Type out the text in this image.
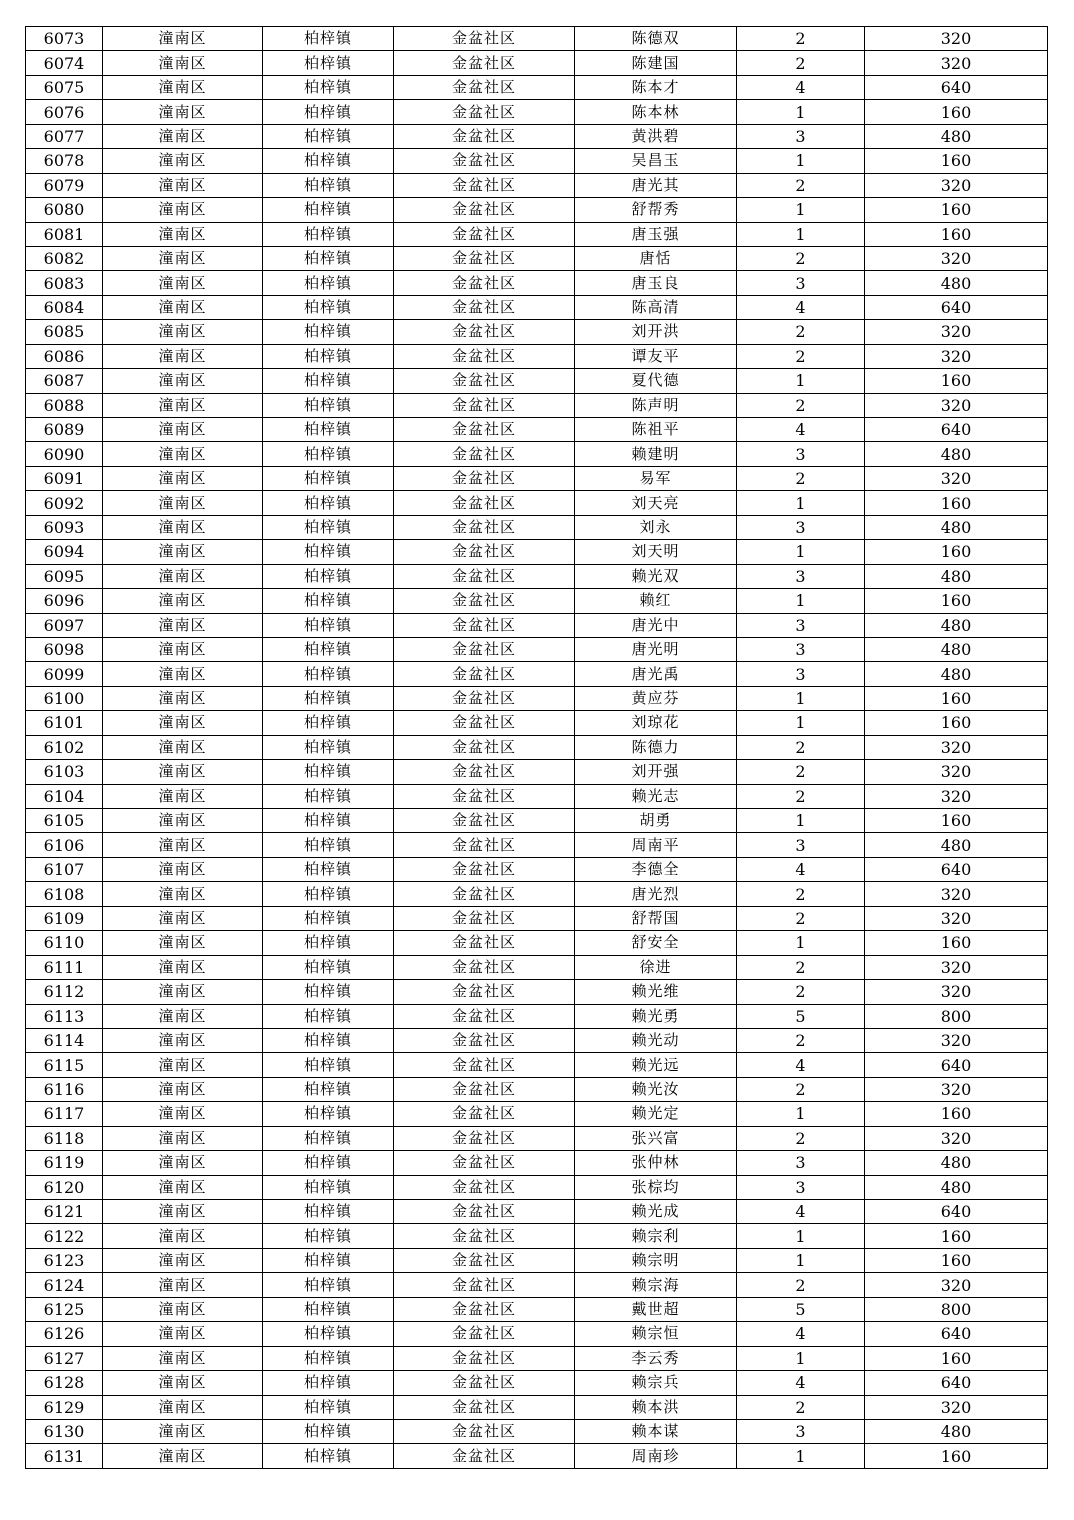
6073	潼南区	柏梓镇	金盆社区	陈德双	2	320
6074	潼南区	柏梓镇	金盆社区	陈建国	2	320
6075	潼南区	柏梓镇	金盆社区	陈本才	4	640
6076	潼南区	柏梓镇	金盆社区	陈本林	1	160
6077	潼南区	柏梓镇	金盆社区	黄洪碧	3	480
6078	潼南区	柏梓镇	金盆社区	吴昌玉	1	160
6079	潼南区	柏梓镇	金盆社区	唐光其	2	320
6080	潼南区	柏梓镇	金盆社区	舒帮秀	1	160
6081	潼南区	柏梓镇	金盆社区	唐玉强	1	160
6082	潼南区	柏梓镇	金盆社区	唐恬	2	320
6083	潼南区	柏梓镇	金盆社区	唐玉良	3	480
6084	潼南区	柏梓镇	金盆社区	陈高清	4	640
6085	潼南区	柏梓镇	金盆社区	刘开洪	2	320
6086	潼南区	柏梓镇	金盆社区	谭友平	2	320
6087	潼南区	柏梓镇	金盆社区	夏代德	1	160
6088	潼南区	柏梓镇	金盆社区	陈声明	2	320
6089	潼南区	柏梓镇	金盆社区	陈祖平	4	640
6090	潼南区	柏梓镇	金盆社区	赖建明	3	480
6091	潼南区	柏梓镇	金盆社区	易军	2	320
6092	潼南区	柏梓镇	金盆社区	刘天亮	1	160
6093	潼南区	柏梓镇	金盆社区	刘永	3	480
6094	潼南区	柏梓镇	金盆社区	刘天明	1	160
6095	潼南区	柏梓镇	金盆社区	赖光双	3	480
6096	潼南区	柏梓镇	金盆社区	赖红	1	160
6097	潼南区	柏梓镇	金盆社区	唐光中	3	480
6098	潼南区	柏梓镇	金盆社区	唐光明	3	480
6099	潼南区	柏梓镇	金盆社区	唐光禹	3	480
6100	潼南区	柏梓镇	金盆社区	黄应芬	1	160
6101	潼南区	柏梓镇	金盆社区	刘琼花	1	160
6102	潼南区	柏梓镇	金盆社区	陈德力	2	320
6103	潼南区	柏梓镇	金盆社区	刘开强	2	320
6104	潼南区	柏梓镇	金盆社区	赖光志	2	320
6105	潼南区	柏梓镇	金盆社区	胡勇	1	160
6106	潼南区	柏梓镇	金盆社区	周南平	3	480
6107	潼南区	柏梓镇	金盆社区	李德全	4	640
6108	潼南区	柏梓镇	金盆社区	唐光烈	2	320
6109	潼南区	柏梓镇	金盆社区	舒帮国	2	320
6110	潼南区	柏梓镇	金盆社区	舒安全	1	160
6111	潼南区	柏梓镇	金盆社区	徐进	2	320
6112	潼南区	柏梓镇	金盆社区	赖光维	2	320
6113	潼南区	柏梓镇	金盆社区	赖光勇	5	800
6114	潼南区	柏梓镇	金盆社区	赖光动	2	320
6115	潼南区	柏梓镇	金盆社区	赖光远	4	640
6116	潼南区	柏梓镇	金盆社区	赖光汝	2	320
6117	潼南区	柏梓镇	金盆社区	赖光定	1	160
6118	潼南区	柏梓镇	金盆社区	张兴富	2	320
6119	潼南区	柏梓镇	金盆社区	张仲林	3	480
6120	潼南区	柏梓镇	金盆社区	张棕均	3	480
6121	潼南区	柏梓镇	金盆社区	赖光成	4	640
6122	潼南区	柏梓镇	金盆社区	赖宗利	1	160
6123	潼南区	柏梓镇	金盆社区	赖宗明	1	160
6124	潼南区	柏梓镇	金盆社区	赖宗海	2	320
6125	潼南区	柏梓镇	金盆社区	戴世超	5	800
6126	潼南区	柏梓镇	金盆社区	赖宗恒	4	640
6127	潼南区	柏梓镇	金盆社区	李云秀	1	160
6128	潼南区	柏梓镇	金盆社区	赖宗兵	4	640
6129	潼南区	柏梓镇	金盆社区	赖本洪	2	320
6130	潼南区	柏梓镇	金盆社区	赖本谋	3	480
6131	潼南区	柏梓镇	金盆社区	周南珍	1	160
